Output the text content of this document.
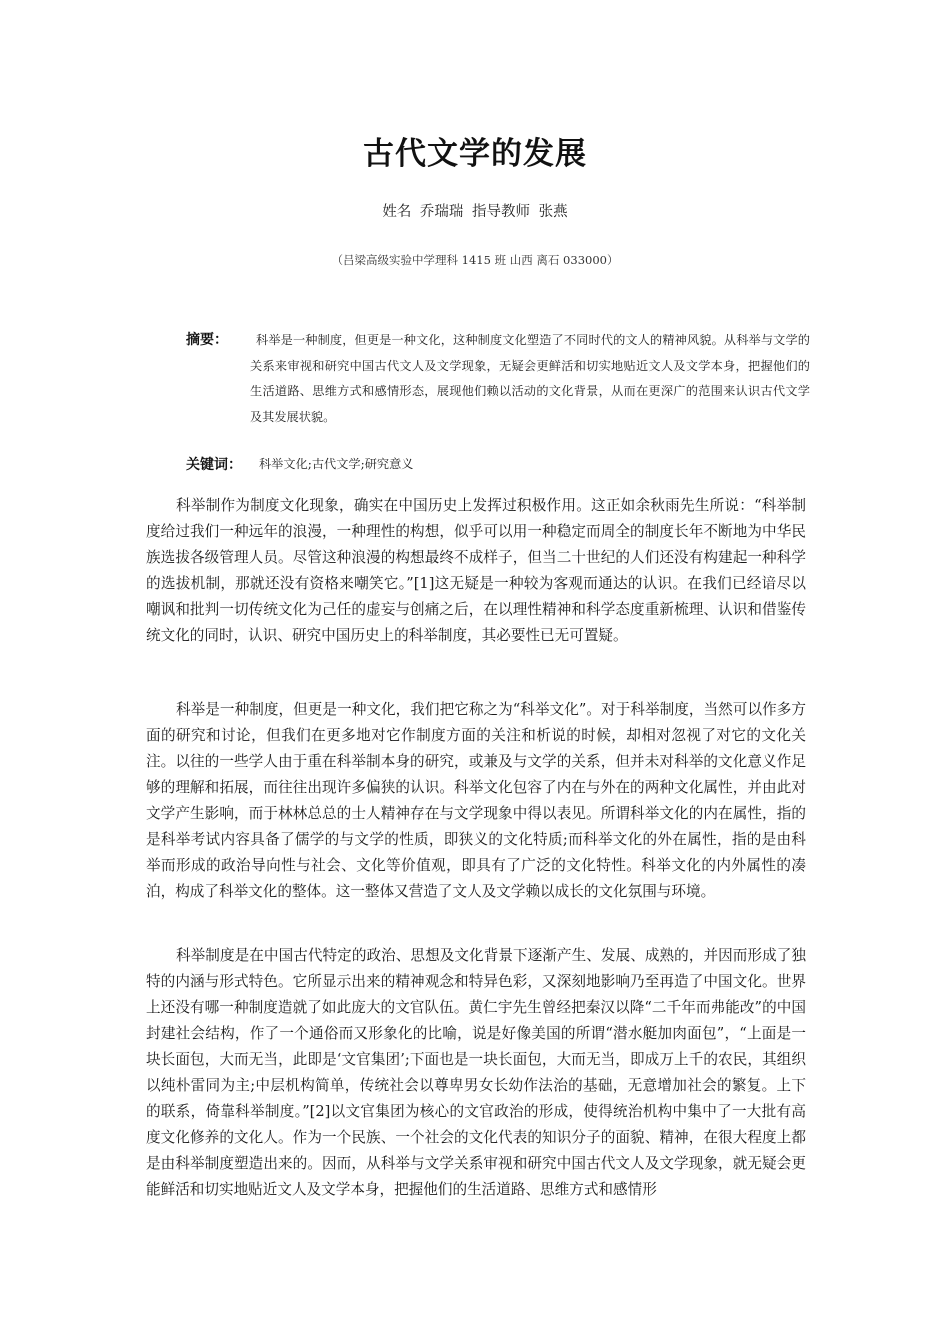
古代文学的发展
姓名 乔瑞瑞 指导教师 张燕
（吕梁高级实验中学理科 1415 班 山西 离石 033000）
摘要：	科举是一种制度，但更是一种文化，这种制度文化塑造了不同时代的文人的精神风貌。从科举与文学的关系来审视和研究中国古代文人及文学现象，无疑会更鲜活和切实地贴近文人及文学本身，把握他们的生活道路、思维方式和感情形态，展现他们赖以活动的文化背景，从而在更深广的范围来认识古代文学及其发展状貌。

关键词： 科举文化;古代文学;研究意义

科举制作为制度文化现象，确实在中国历史上发挥过积极作用。这正如余秋雨先生所说：“科举制度给过我们一种远年的浪漫，一种理性的构想，似乎可以用一种稳定而周全的制度长年不断地为中华民族选拔各级管理人员。尽管这种浪漫的构想最终不成样子，但当二十世纪的人们还没有构建起一种科学的选拔机制，那就还没有资格来嘲笑它。”[1]这无疑是一种较为客观而通达的认识。在我们已经谙尽以嘲讽和批判一切传统文化为己任的虚妄与创痛之后，在以理性精神和科学态度重新梳理、认识和借鉴传统文化的同时，认识、研究中国历史上的科举制度，其必要性已无可置疑。

科举是一种制度，但更是一种文化，我们把它称之为“科举文化”。对于科举制度，当然可以作多方面的研究和讨论，但我们在更多地对它作制度方面的关注和析说的时候，却相对忽视了对它的文化关注。以往的一些学人由于重在科举制本身的研究，或兼及与文学的关系，但并未对科举的文化意义作足够的理解和拓展，而往往出现许多偏狭的认识。科举文化包容了内在与外在的两种文化属性，并由此对文学产生影响，而于林林总总的士人精神存在与文学现象中得以表见。所谓科举文化的内在属性，指的是科举考试内容具备了儒学的与文学的性质，即狭义的文化特质;而科举文化的外在属性，指的是由科举而形成的政治导向性与社会、文化等价值观，即具有了广泛的文化特性。科举文化的内外属性的凑泊，构成了科举文化的整体。这一整体又营造了文人及文学赖以成长的文化氛围与环境。

科举制度是在中国古代特定的政治、思想及文化背景下逐渐产生、发展、成熟的，并因而形成了独特的内涵与形式特色。它所显示出来的精神观念和特异色彩，又深刻地影响乃至再造了中国文化。世界上还没有哪一种制度造就了如此庞大的文官队伍。黄仁宇先生曾经把秦汉以降“二千年而弗能改”的中国封建社会结构，作了一个通俗而又形象化的比喻，说是好像美国的所谓“潜水艇加肉面包”，“上面是一块长面包，大而无当，此即是‘文官集团’;下面也是一块长面包，大而无当，即成万上千的农民，其组织以纯朴雷同为主;中层机构简单，传统社会以尊卑男女长幼作法治的基础，无意增加社会的繁复。上下的联系，倚靠科举制度。”[2]以文官集团为核心的文官政治的形成，使得统治机构中集中了一大批有高度文化修养的文化人。作为一个民族、一个社会的文化代表的知识分子的面貌、精神，在很大程度上都是由科举制度塑造出来的。因而，从科举与文学关系审视和研究中国古代文人及文学现象，就无疑会更能鲜活和切实地贴近文人及文学本身，把握他们的生活道路、思维方式和感情形
